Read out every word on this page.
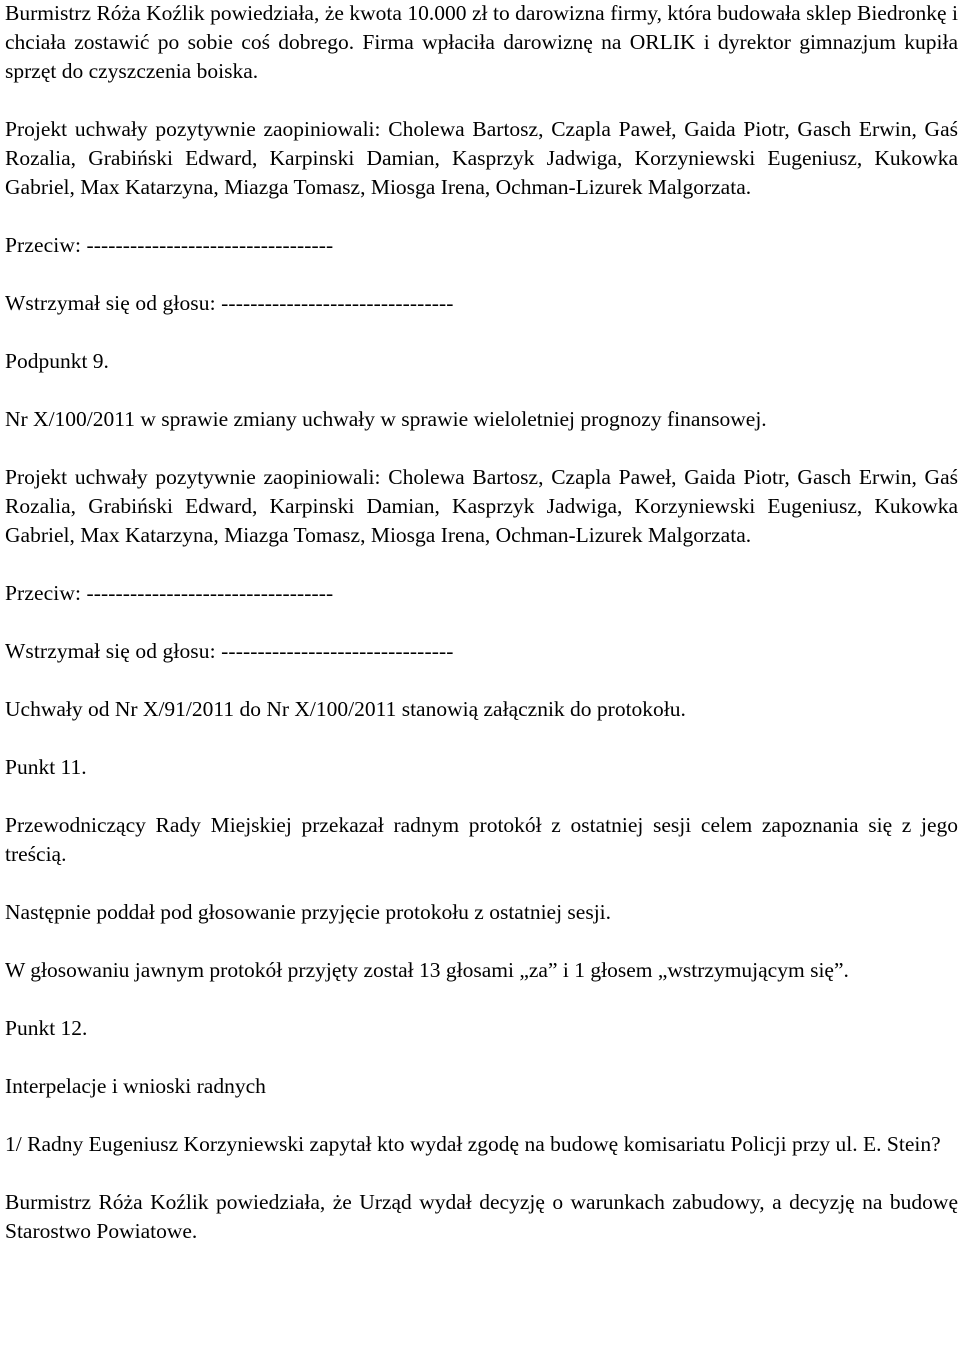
Burmistrz Róża Koźlik powiedziała, że kwota 10.000 zł to darowizna firmy, która budowała sklep Biedronkę i chciała zostawić po sobie coś dobrego. Firma wpłaciła darowiznę na ORLIK i dyrektor gimnazjum kupiła sprzęt do czyszczenia boiska.

Projekt uchwały pozytywnie zaopiniowali: Cholewa Bartosz, Czapla Paweł, Gaida Piotr, Gasch Erwin, Gaś Rozalia, Grabiński Edward, Karpinski Damian, Kasprzyk Jadwiga, Korzyniewski Eugeniusz, Kukowka Gabriel, Max Katarzyna, Miazga Tomasz, Miosga Irena, Ochman-Lizurek Malgorzata.

Przeciw: ----------------------------------

Wstrzymał się od głosu: --------------------------------

Podpunkt 9.

Nr X/100/2011 w sprawie zmiany uchwały w sprawie wieloletniej prognozy finansowej.

Projekt uchwały pozytywnie zaopiniowali: Cholewa Bartosz, Czapla Paweł, Gaida Piotr, Gasch Erwin, Gaś Rozalia, Grabiński Edward, Karpinski Damian, Kasprzyk Jadwiga, Korzyniewski Eugeniusz, Kukowka Gabriel, Max Katarzyna, Miazga Tomasz, Miosga Irena, Ochman-Lizurek Malgorzata.

Przeciw: ----------------------------------

Wstrzymał się od głosu: --------------------------------

Uchwały od Nr X/91/2011 do Nr X/100/2011 stanowią załącznik do protokołu.

Punkt 11.

Przewodniczący Rady Miejskiej przekazał radnym protokół z ostatniej sesji celem zapoznania się z jego treścią.

Następnie poddał pod głosowanie przyjęcie protokołu z ostatniej sesji.

W głosowaniu jawnym protokół przyjęty został 13 głosami „za” i 1 głosem „wstrzymującym się”.

Punkt 12.

Interpelacje i wnioski radnych

1/ Radny Eugeniusz Korzyniewski zapytał kto wydał zgodę na budowę komisariatu Policji przy ul. E. Stein?

Burmistrz Róża Koźlik powiedziała, że Urząd wydał decyzję o warunkach zabudowy, a decyzję na budowę Starostwo Powiatowe.
